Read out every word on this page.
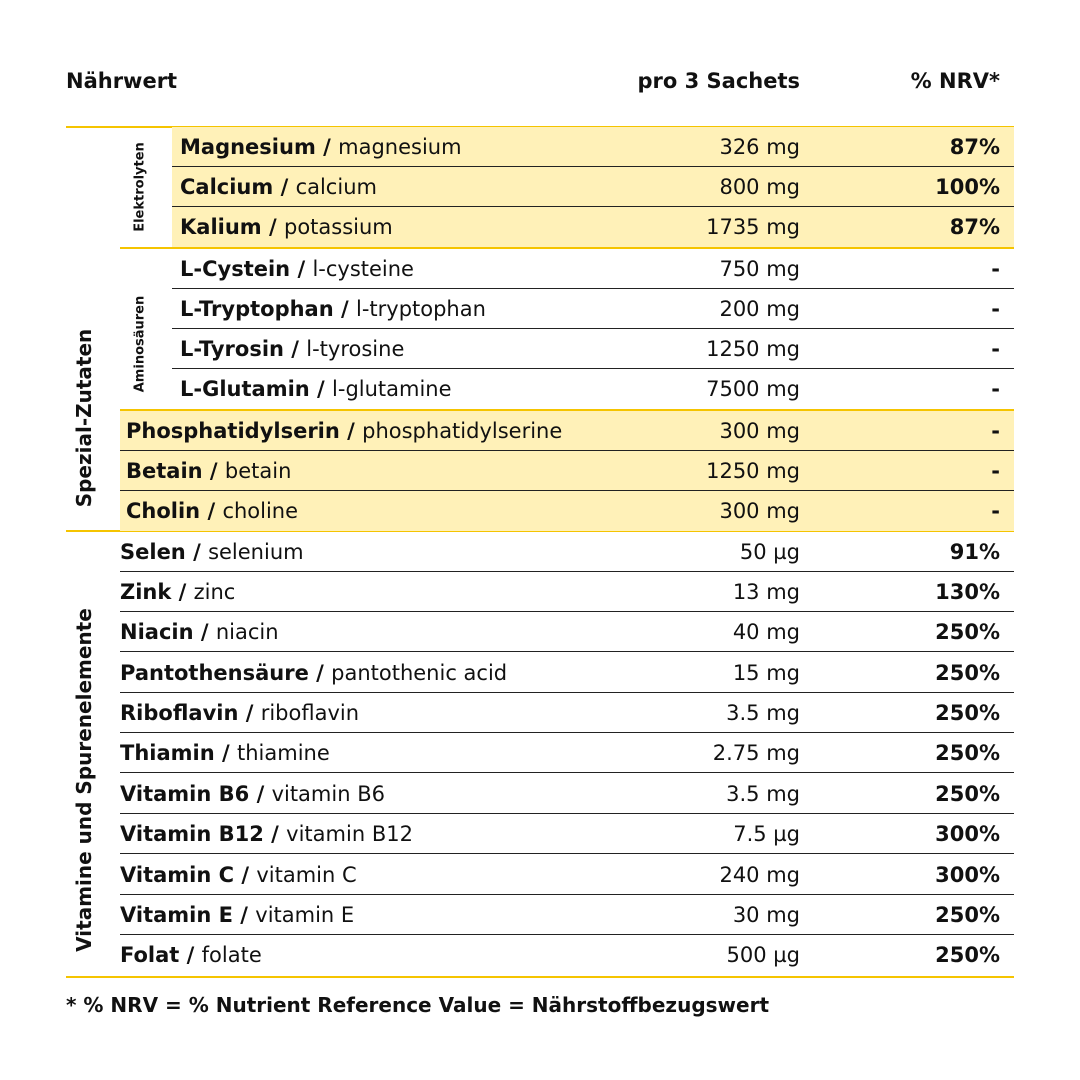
Nährwert	pro 3 Sachets	% NRV*
Spezial-Zutaten
Vitamine und Spurenelemente
Elektrolyten
Aminosäuren
Magnesium / magnesium	326 mg	87%
Calcium / calcium	800 mg	100%
Kalium / potassium	1735 mg	87%
L-Cystein / l-cysteine	750 mg	-
L-Tryptophan / l-tryptophan	200 mg	-
L-Tyrosin / l-tyrosine	1250 mg	-
L-Glutamin / l-glutamine	7500 mg	-
Phosphatidylserin / phosphatidylserine	300 mg	-
Betain / betain	1250 mg	-
Cholin / choline	300 mg	-
Selen / selenium	50 µg	91%
Zink / zinc	13 mg	130%
Niacin / niacin	40 mg	250%
Pantothensäure / pantothenic acid	15 mg	250%
Riboflavin / riboflavin	3.5 mg	250%
Thiamin / thiamine	2.75 mg	250%
Vitamin B6 / vitamin B6	3.5 mg	250%
Vitamin B12 / vitamin B12	7.5 µg	300%
Vitamin C / vitamin C	240 mg	300%
Vitamin E / vitamin E	30 mg	250%
Folat / folate	500 µg	250%
* % NRV = % Nutrient Reference Value = Nährstoffbezugswert
